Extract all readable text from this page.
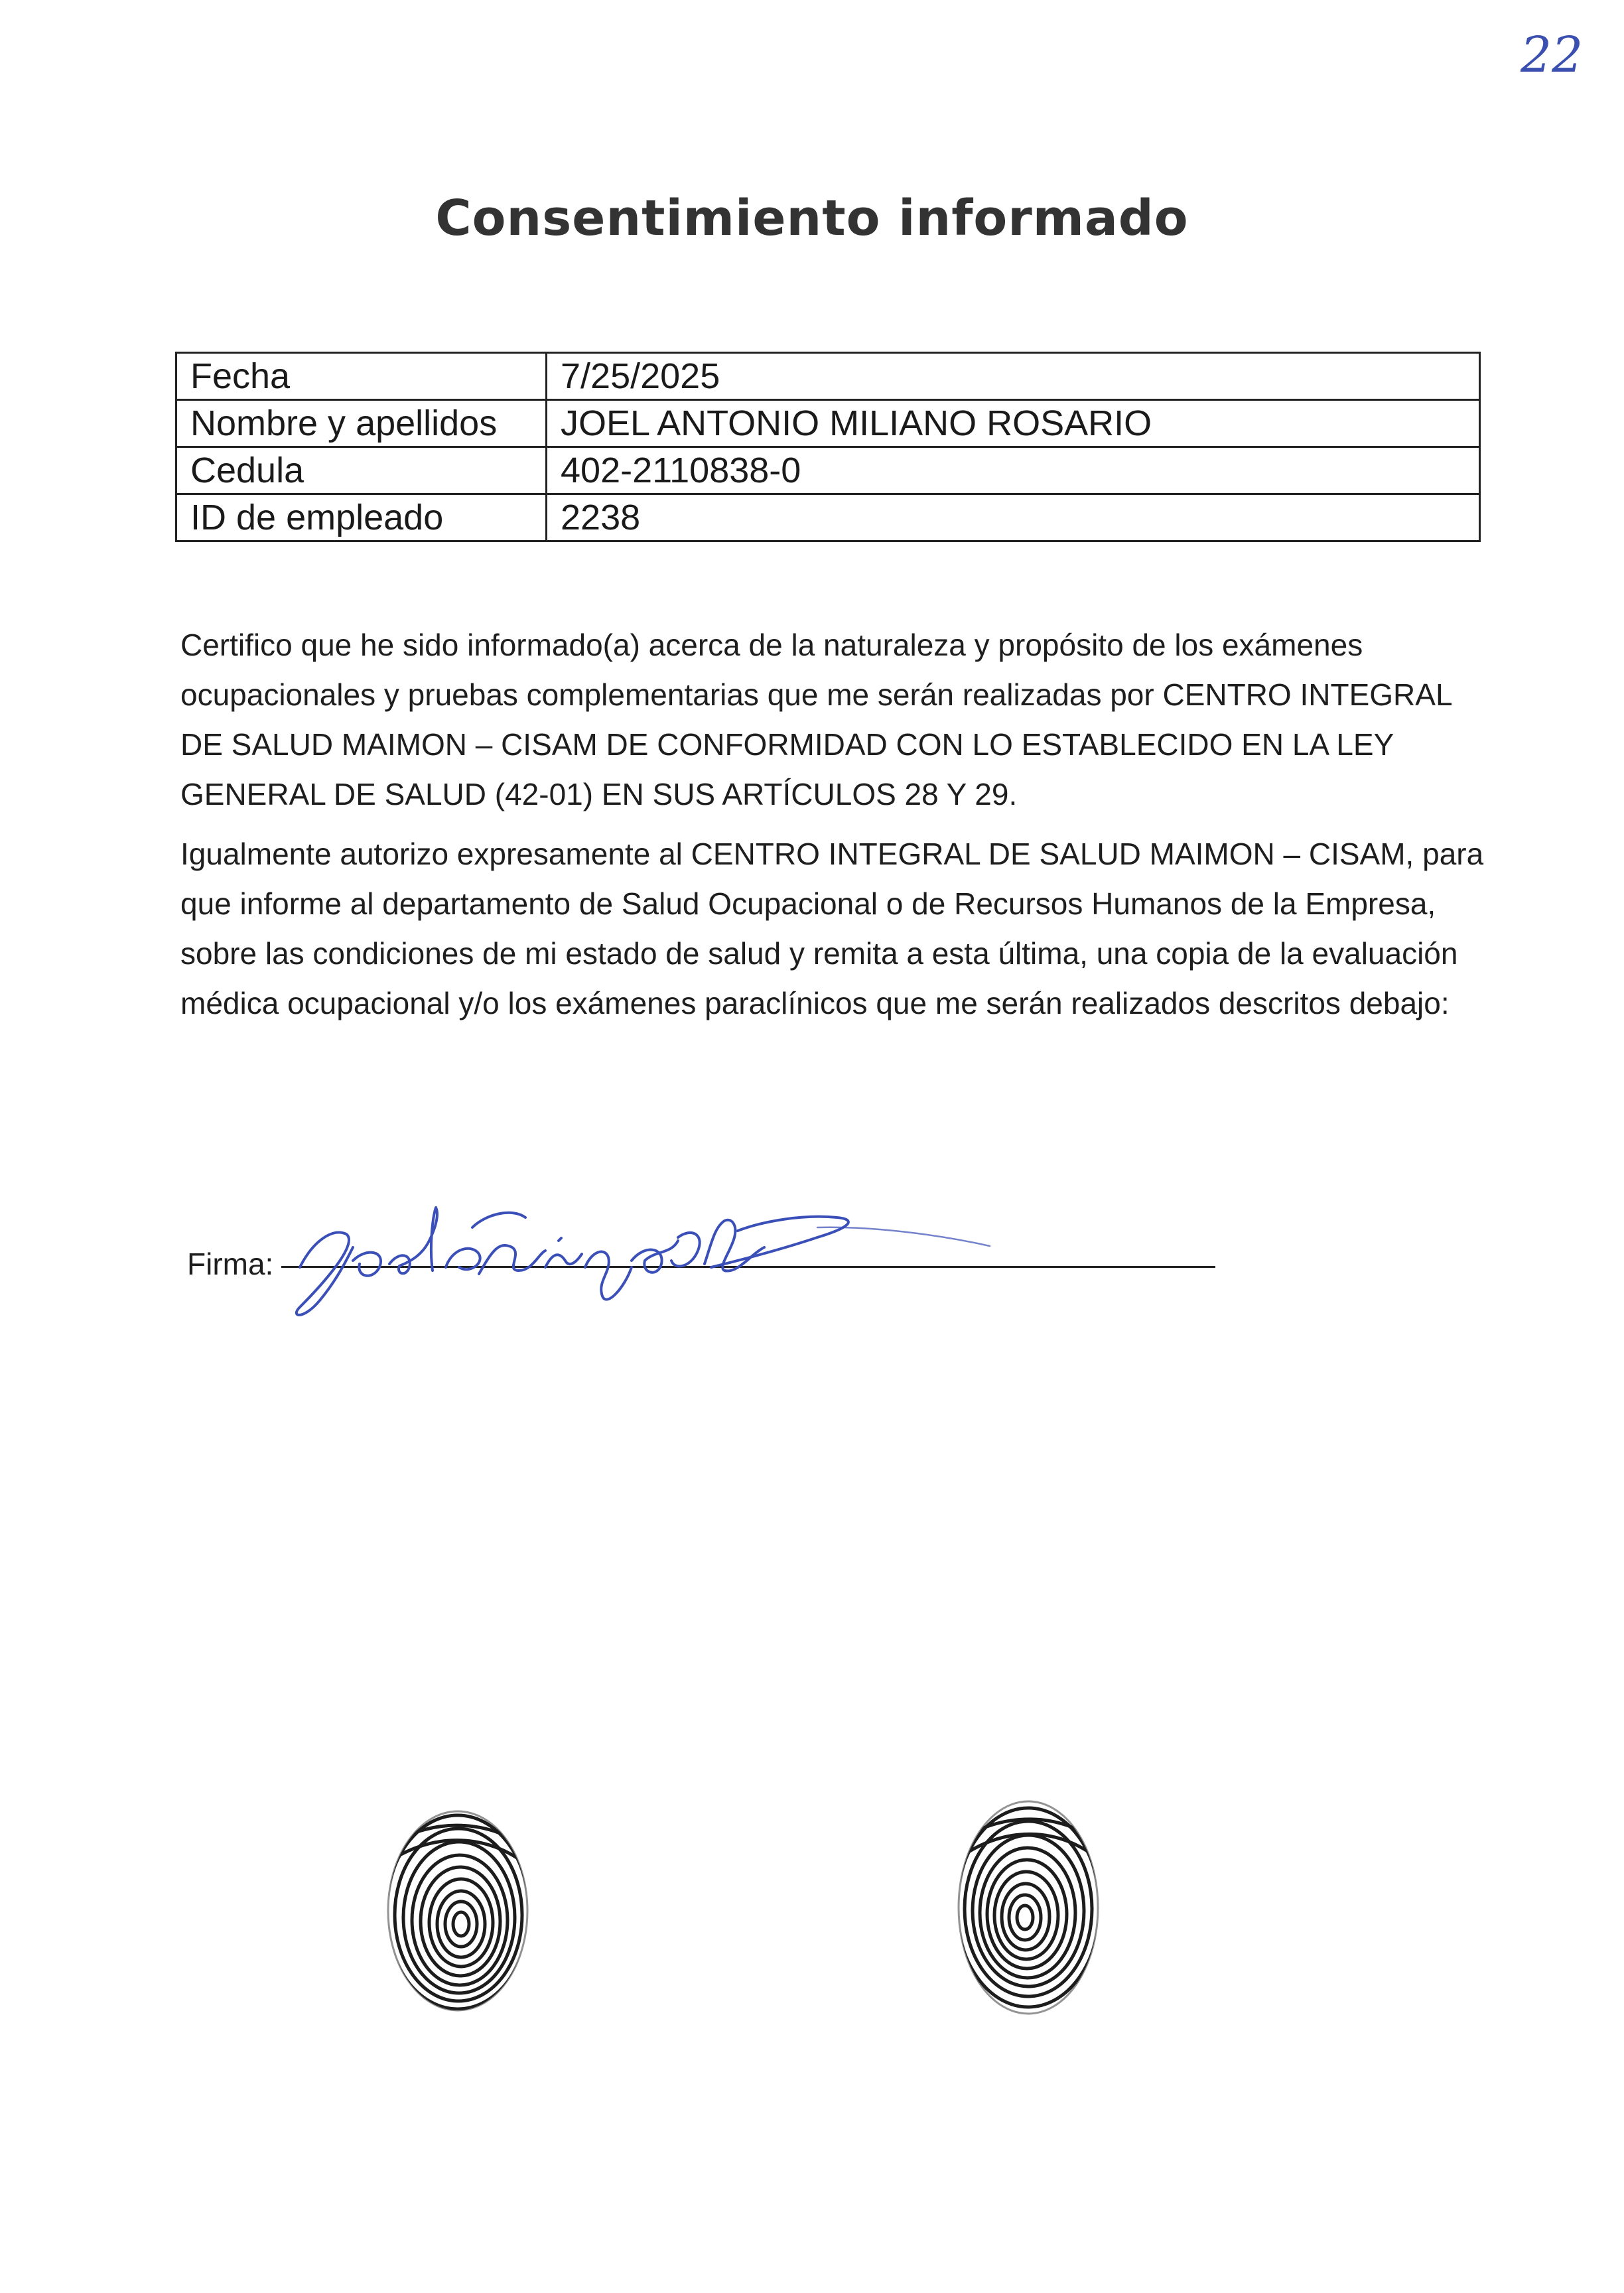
22
Consentimiento informado
Fecha	7/25/2025
Nombre y apellidos	JOEL ANTONIO MILIANO ROSARIO
Cedula	402-2110838-0
ID de empleado	2238

Certifico que he sido informado(a) acerca de la naturaleza y propósito de los exámenes ocupacionales y pruebas complementarias que me serán realizadas por CENTRO INTEGRAL DE SALUD MAIMON – CISAM DE CONFORMIDAD CON LO ESTABLECIDO EN LA LEY GENERAL DE SALUD (42-01) EN SUS ARTÍCULOS 28 Y 29.

Igualmente autorizo expresamente al CENTRO INTEGRAL DE SALUD MAIMON – CISAM, para que informe al departamento de Salud Ocupacional o de Recursos Humanos de la Empresa, sobre las condiciones de mi estado de salud y remita a esta última, una copia de la evaluación médica ocupacional y/o los exámenes paraclínicos que me serán realizados descritos debajo:

Firma:
